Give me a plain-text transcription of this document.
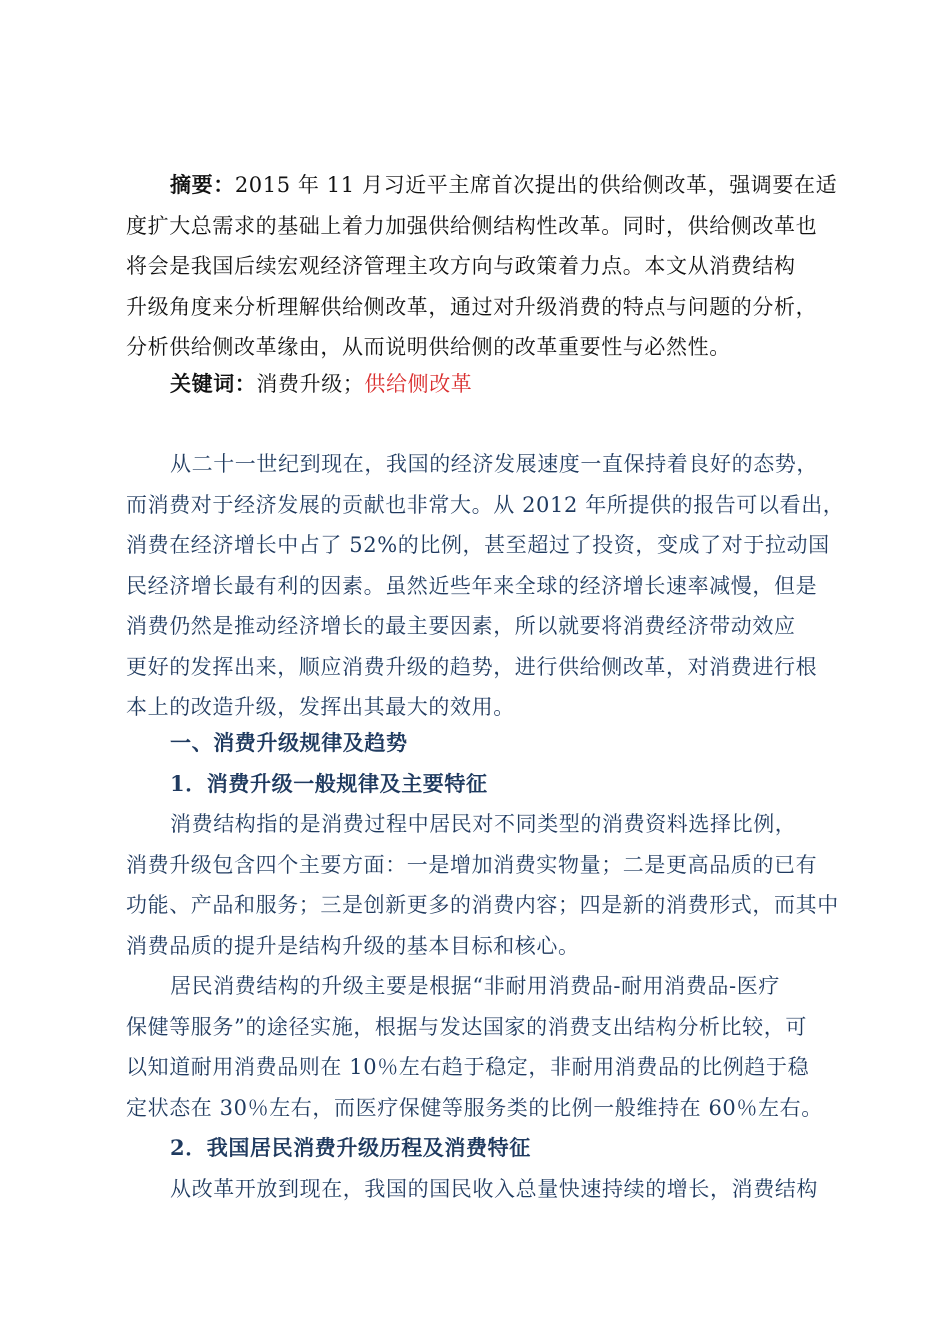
摘要：2015 年 11 月习近平主席首次提出的供给侧改革，强调要在适
度扩大总需求的基础上着力加强供给侧结构性改革。同时，供给侧改革也
将会是我国后续宏观经济管理主攻方向与政策着力点。本文从消费结构
升级角度来分析理解供给侧改革，通过对升级消费的特点与问题的分析，
分析供给侧改革缘由，从而说明供给侧的改革重要性与必然性。
关键词：消费升级；供给侧改革
从二十一世纪到现在，我国的经济发展速度一直保持着良好的态势，
而消费对于经济发展的贡献也非常大。从 2012 年所提供的报告可以看出，
消费在经济增长中占了 52%的比例，甚至超过了投资，变成了对于拉动国
民经济增长最有利的因素。虽然近些年来全球的经济增长速率减慢，但是
消费仍然是推动经济增长的最主要因素，所以就要将消费经济带动效应
更好的发挥出来，顺应消费升级的趋势，进行供给侧改革，对消费进行根
本上的改造升级，发挥出其最大的效用。
一、消费升级规律及趋势
1．消费升级一般规律及主要特征
消费结构指的是消费过程中居民对不同类型的消费资料选择比例，
消费升级包含四个主要方面：一是增加消费实物量；二是更高品质的已有
功能、产品和服务；三是创新更多的消费内容；四是新的消费形式，而其中
消费品质的提升是结构升级的基本目标和核心。
居民消费结构的升级主要是根据“非耐用消费品-耐用消费品-医疗
保健等服务”的途径实施，根据与发达国家的消费支出结构分析比较，可
以知道耐用消费品则在 10％左右趋于稳定，非耐用消费品的比例趋于稳
定状态在 30％左右，而医疗保健等服务类的比例一般维持在 60％左右。
2．我国居民消费升级历程及消费特征
从改革开放到现在，我国的国民收入总量快速持续的增长，消费结构
